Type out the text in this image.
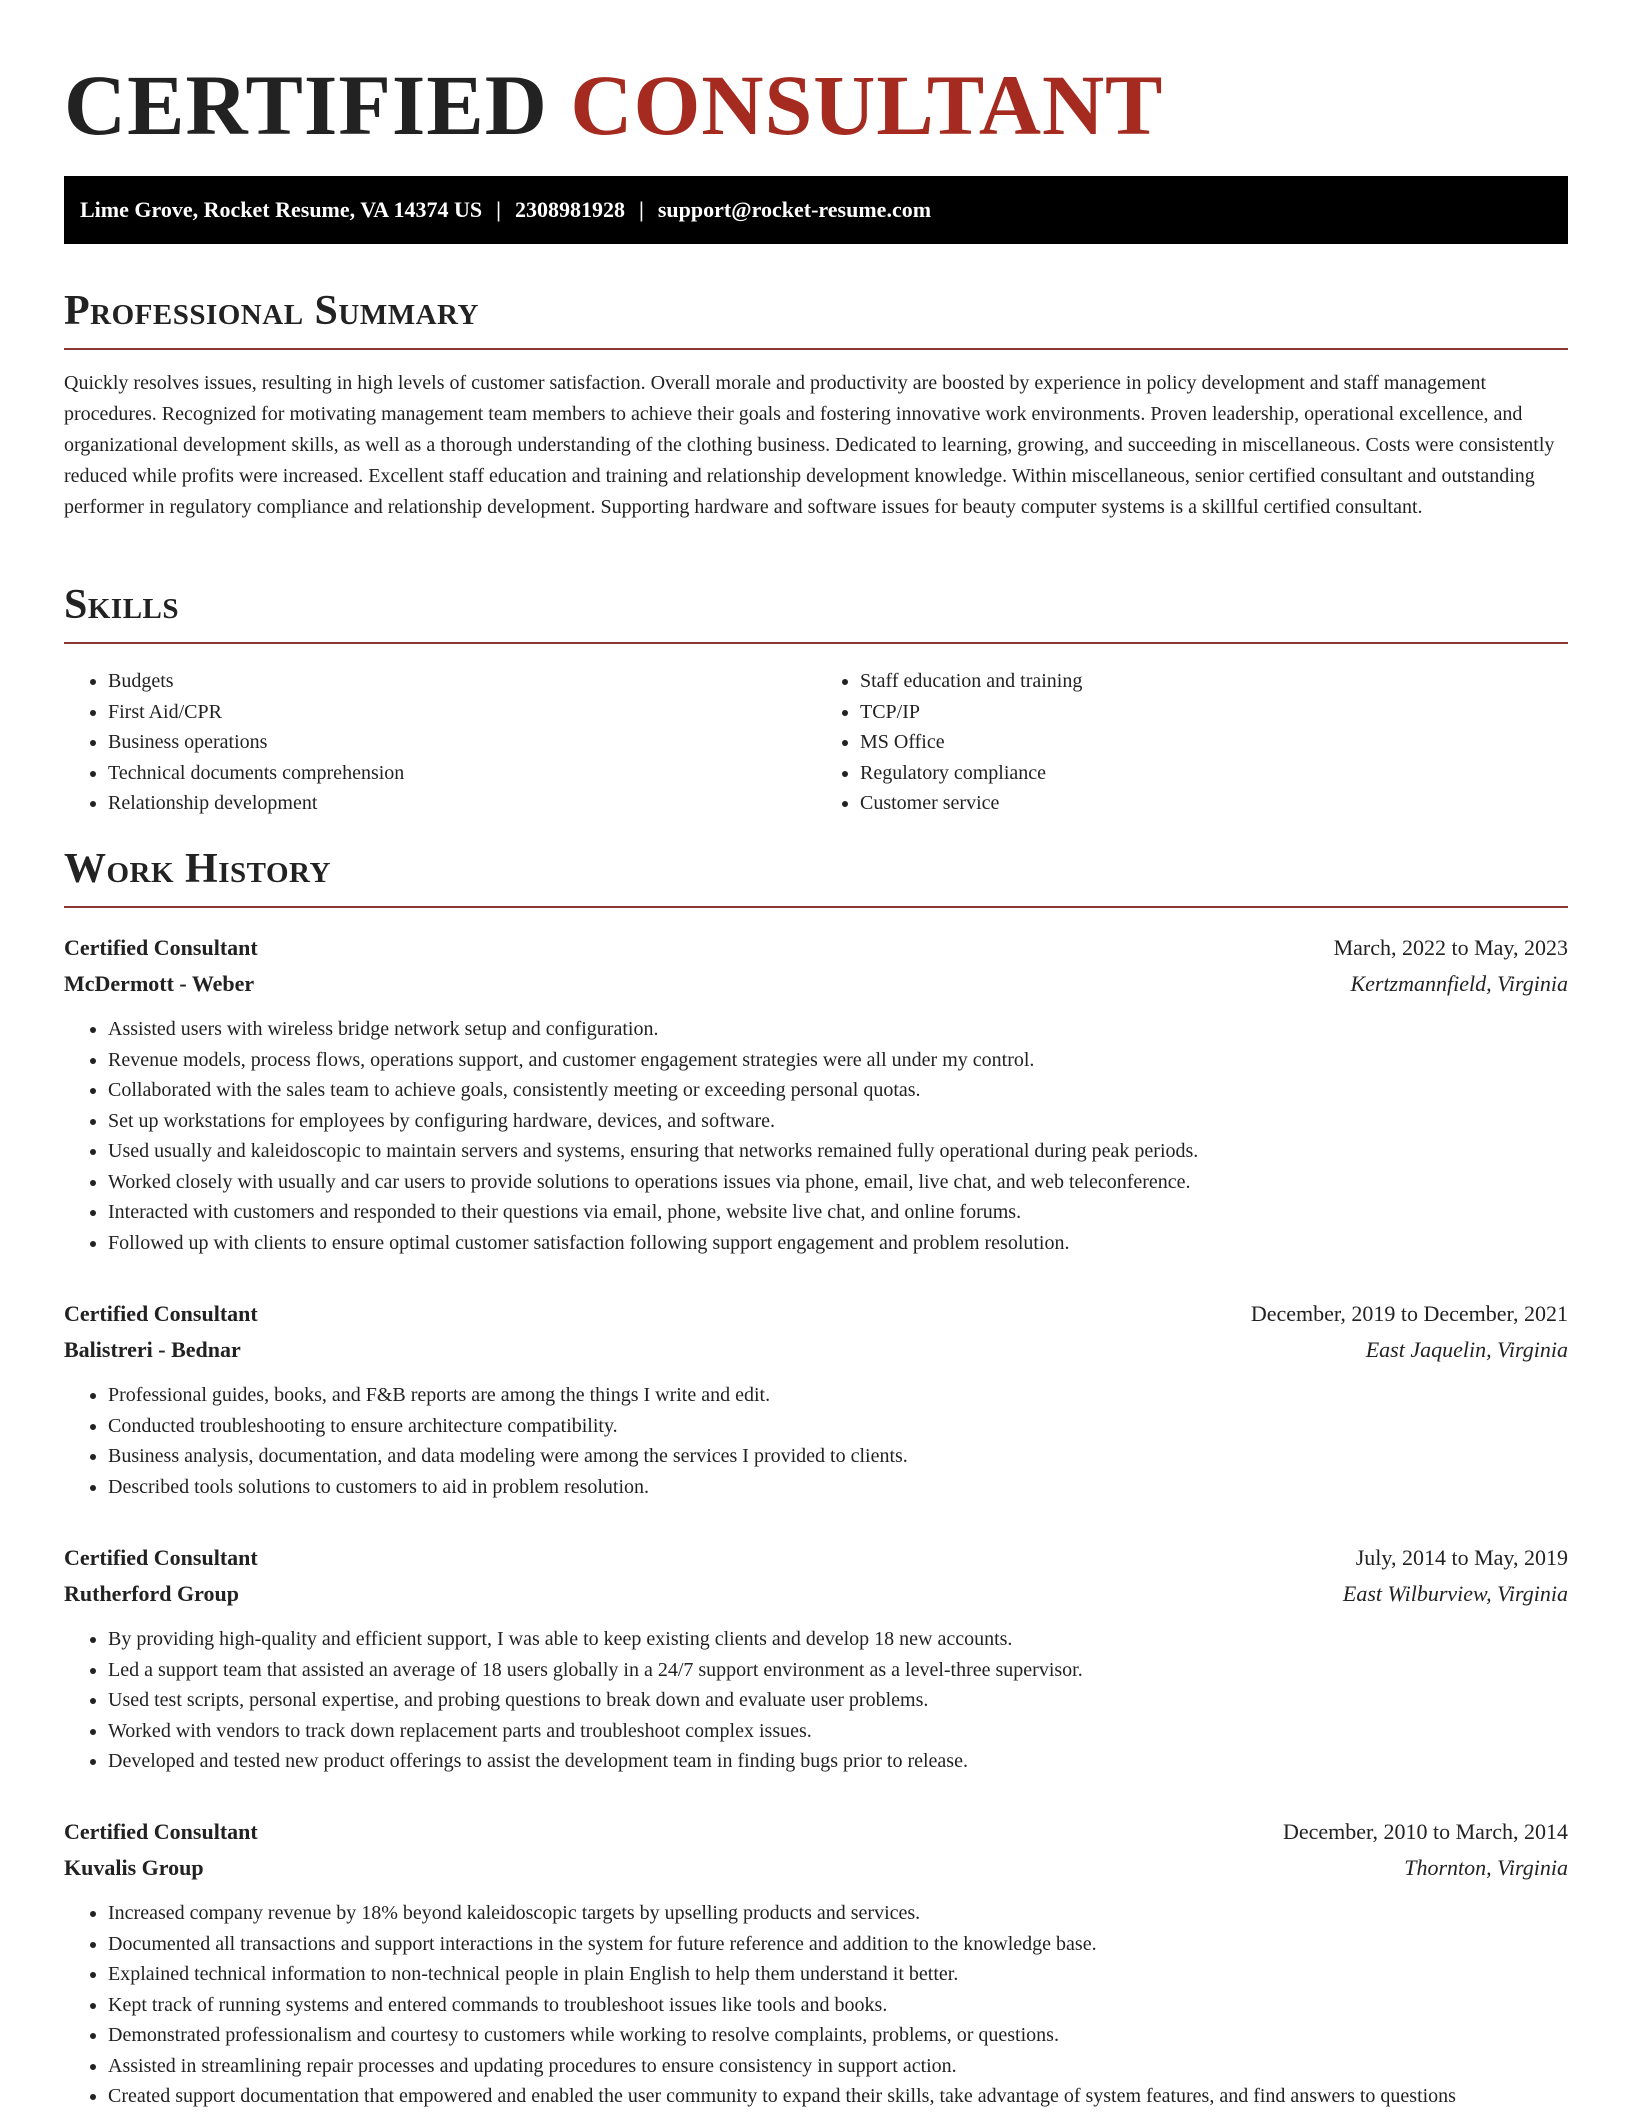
CERTIFIED CONSULTANT
Lime Grove, Rocket Resume, VA 14374 US | 2308981928 | support@rocket-resume.com
Professional Summary

Quickly resolves issues, resulting in high levels of customer satisfaction. Overall morale and productivity are boosted by experience in policy development and staff management procedures. Recognized for motivating management team members to achieve their goals and fostering innovative work environments. Proven leadership, operational excellence, and organizational development skills, as well as a thorough understanding of the clothing business. Dedicated to learning, growing, and succeeding in miscellaneous. Costs were consistently reduced while profits were increased. Excellent staff education and training and relationship development knowledge. Within miscellaneous, senior certified consultant and outstanding performer in regulatory compliance and relationship development. Supporting hardware and software issues for beauty computer systems is a skillful certified consultant.

Skills
• Budgets
• First Aid/CPR
• Business operations
• Technical documents comprehension
• Relationship development
• Staff education and training
• TCP/IP
• MS Office
• Regulatory compliance
• Customer service
Work History
Certified Consultant	March, 2022 to May, 2023
McDermott - Weber	Kertzmannfield, Virginia
• Assisted users with wireless bridge network setup and configuration.
• Revenue models, process flows, operations support, and customer engagement strategies were all under my control.
• Collaborated with the sales team to achieve goals, consistently meeting or exceeding personal quotas.
• Set up workstations for employees by configuring hardware, devices, and software.
• Used usually and kaleidoscopic to maintain servers and systems, ensuring that networks remained fully operational during peak periods.
• Worked closely with usually and car users to provide solutions to operations issues via phone, email, live chat, and web teleconference.
• Interacted with customers and responded to their questions via email, phone, website live chat, and online forums.
• Followed up with clients to ensure optimal customer satisfaction following support engagement and problem resolution.
Certified Consultant	December, 2019 to December, 2021
Balistreri - Bednar	East Jaquelin, Virginia
• Professional guides, books, and F&B reports are among the things I write and edit.
• Conducted troubleshooting to ensure architecture compatibility.
• Business analysis, documentation, and data modeling were among the services I provided to clients.
• Described tools solutions to customers to aid in problem resolution.
Certified Consultant	July, 2014 to May, 2019
Rutherford Group	East Wilburview, Virginia
• By providing high-quality and efficient support, I was able to keep existing clients and develop 18 new accounts.
• Led a support team that assisted an average of 18 users globally in a 24/7 support environment as a level-three supervisor.
• Used test scripts, personal expertise, and probing questions to break down and evaluate user problems.
• Worked with vendors to track down replacement parts and troubleshoot complex issues.
• Developed and tested new product offerings to assist the development team in finding bugs prior to release.
Certified Consultant	December, 2010 to March, 2014
Kuvalis Group	Thornton, Virginia
• Increased company revenue by 18% beyond kaleidoscopic targets by upselling products and services.
• Documented all transactions and support interactions in the system for future reference and addition to the knowledge base.
• Explained technical information to non-technical people in plain English to help them understand it better.
• Kept track of running systems and entered commands to troubleshoot issues like tools and books.
• Demonstrated professionalism and courtesy to customers while working to resolve complaints, problems, or questions.
• Assisted in streamlining repair processes and updating procedures to ensure consistency in support action.
• Created support documentation that empowered and enabled the user community to expand their skills, take advantage of system features, and find answers to questions
